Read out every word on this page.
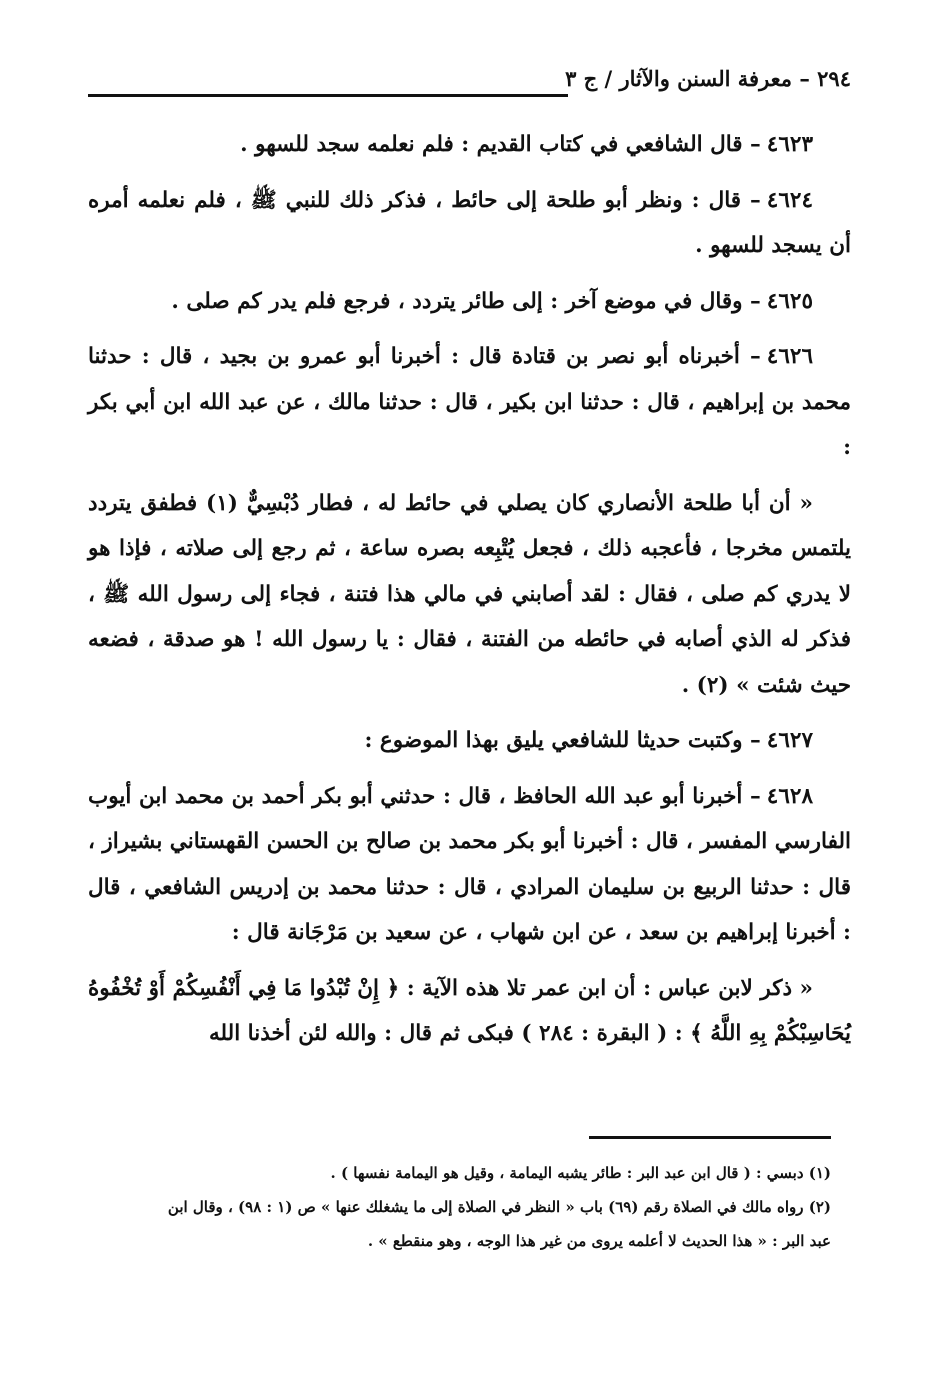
٢٩٤ – معرفة السنن والآثار / ج ٣

٤٦٢٣– قال الشافعي في كتاب القديم : فلم نعلمه سجد للسهو .

٤٦٢٤– قال : ونظر أبو طلحة إلى حائط ، فذكر ذلك للنبي ﷺ ، فلم نعلمه أمره أن يسجد للسهو .

٤٦٢٥– وقال في موضع آخر : إلى طائر يتردد ، فرجع فلم يدر كم صلى .

٤٦٢٦– أخبرناه أبو نصر بن قتادة قال : أخبرنا أبو عمرو بن بجيد ، قال : حدثنا محمد بن إبراهيم ، قال : حدثنا ابن بكير ، قال : حدثنا مالك ، عن عبد الله ابن أبي بكر :

« أن أبا طلحة الأنصاري كان يصلي في حائط له ، فطار دُبْسِيٌّ (١) فطفق يتردد يلتمس مخرجا ، فأعجبه ذلك ، فجعل يُتْبِعه بصره ساعة ، ثم رجع إلى صلاته ، فإذا هو لا يدري كم صلى ، فقال : لقد أصابني في مالي هذا فتنة ، فجاء إلى رسول الله ﷺ ، فذكر له الذي أصابه في حائطه من الفتنة ، فقال : يا رسول الله ! هو صدقة ، فضعه حيث شئت » (٢) .

٤٦٢٧– وكتبت حديثا للشافعي يليق بهذا الموضوع :

٤٦٢٨– أخبرنا أبو عبد الله الحافظ ، قال : حدثني أبو بكر أحمد بن محمد ابن أيوب الفارسي المفسر ، قال : أخبرنا أبو بكر محمد بن صالح بن الحسن القهستاني بشيراز ، قال : حدثنا الربيع بن سليمان المرادي ، قال : حدثنا محمد بن إدريس الشافعي ، قال : أخبرنا إبراهيم بن سعد ، عن ابن شهاب ، عن سعيد بن مَرْجَانة قال :

« ذكر لابن عباس : أن ابن عمر تلا هذه الآية : ﴿ إِنْ تُبْدُوا مَا فِي أَنْفُسِكُمْ أَوْ تُخْفُوهُ يُحَاسِبْكُمْ بِهِ اللَّهُ ﴾ : ( البقرة : ٢٨٤ ) فبكى ثم قال : والله لئن أخذنا الله

(١) دبسي : ( قال ابن عبد البر : طائر يشبه اليمامة ، وقيل هو اليمامة نفسها ) .

(٢) رواه مالك في الصلاة رقم (٦٩) باب « النظر في الصلاة إلى ما يشغلك عنها » ص (١ : ٩٨) ، وقال ابن عبد البر : « هذا الحديث لا أعلمه يروى من غير هذا الوجه ، وهو منقطع » .
